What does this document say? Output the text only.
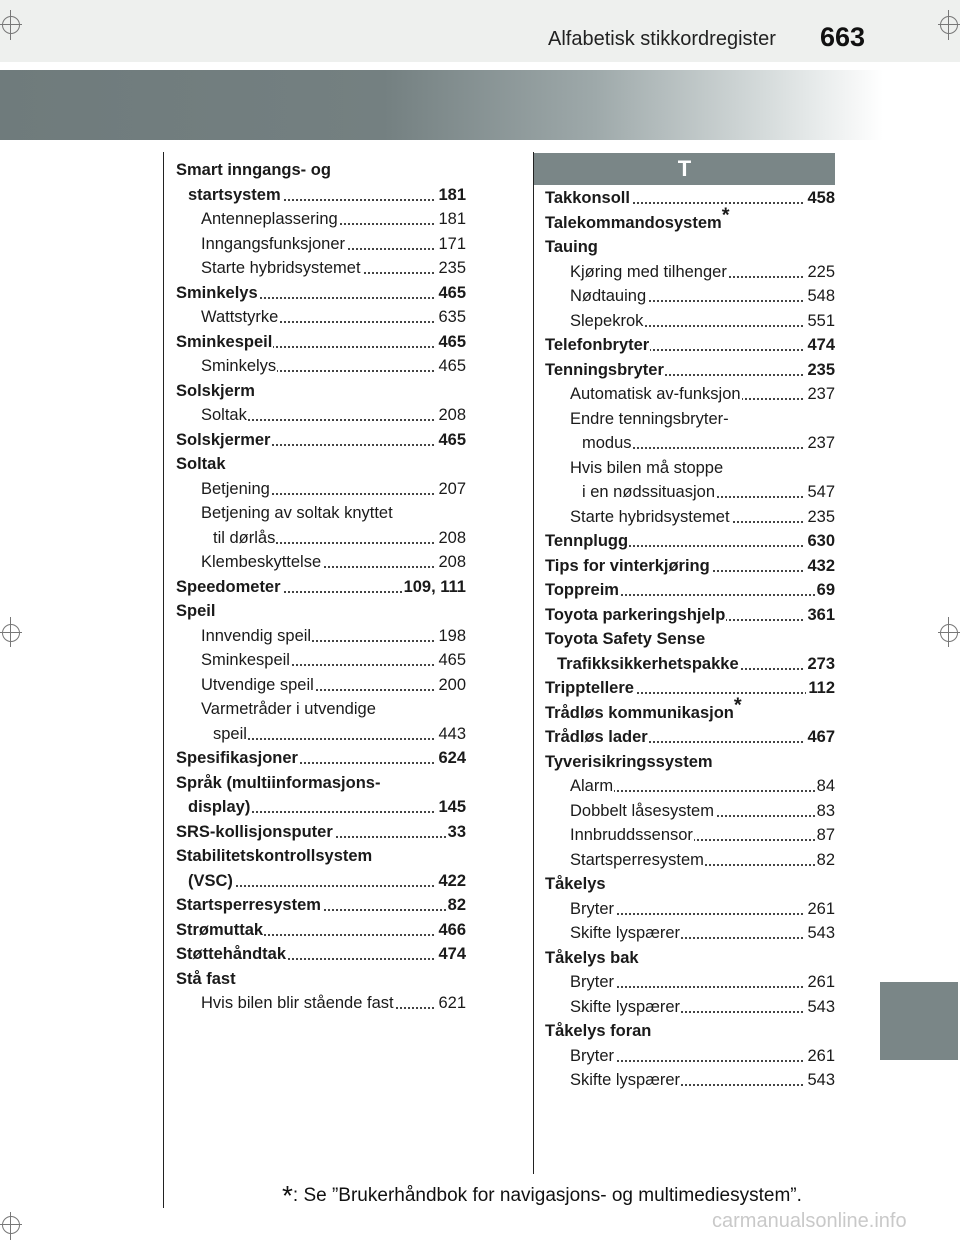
Alfabetisk stikkordregister 663
T
Smart inngangs- og
startsystem	181
Antenneplassering	181
Inngangsfunksjoner	171
Starte hybridsystemet	235
Sminkelys	465
Wattstyrke	635
Sminkespeil	465
Sminkelys	465
Solskjerm
Soltak	208
Solskjermer	465
Soltak
Betjening	207
Betjening av soltak knyttet
til dørlås	208
Klembeskyttelse	208
Speedometer	109, 111
Speil
Innvendig speil	198
Sminkespeil	465
Utvendige speil	200
Varmetråder i utvendige
speil	443
Spesifikasjoner	624
Språk (multiinformasjons-
display)	145
SRS-kollisjonsputer	33
Stabilitetskontrollsystem
(VSC)	422
Startsperresystem	82
Strømuttak	466
Støttehåndtak	474
Stå fast
Hvis bilen blir stående fast	621
Takkonsoll	458
Talekommandosystem*
Tauing
Kjøring med tilhenger	225
Nødtauing	548
Slepekrok	551
Telefonbryter	474
Tenningsbryter	235
Automatisk av-funksjon	237
Endre tenningsbryter-
modus	237
Hvis bilen må stoppe
i en nødssituasjon	547
Starte hybridsystemet	235
Tennplugg	630
Tips for vinterkjøring	432
Toppreim	69
Toyota parkeringshjelp	361
Toyota Safety Sense
Trafikksikkerhetspakke	273
Tripptellere	112
Trådløs kommunikasjon*
Trådløs lader	467
Tyverisikringssystem
Alarm	84
Dobbelt låsesystem	83
Innbruddssensor	87
Startsperresystem	82
Tåkelys
Bryter	261
Skifte lyspærer	543
Tåkelys bak
Bryter	261
Skifte lyspærer	543
Tåkelys foran
Bryter	261
Skifte lyspærer	543
*: Se ”Brukerhåndbok for navigasjons- og multimediesystem”.
carmanualsonline.info
